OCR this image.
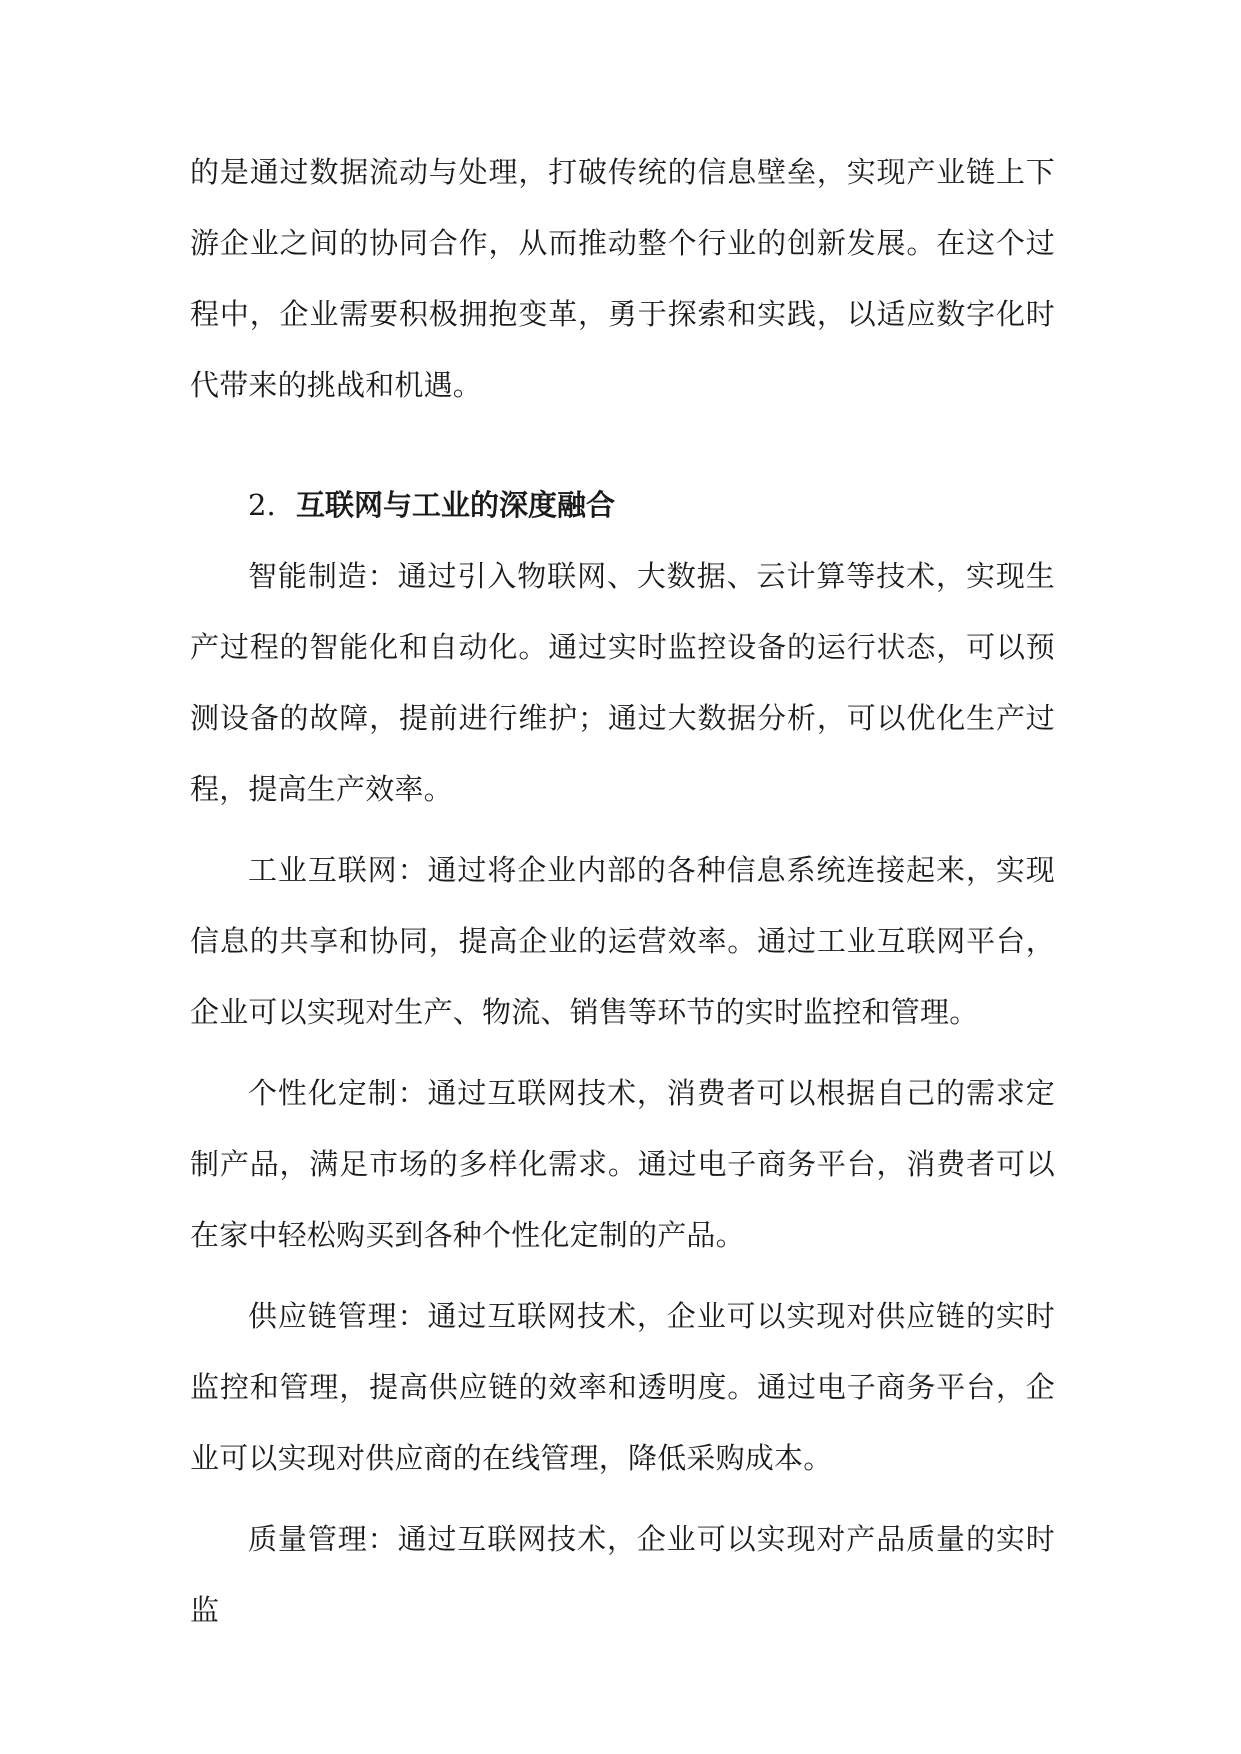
的是通过数据流动与处理，打破传统的信息壁垒，实现产业链上下游企业之间的协同合作，从而推动整个行业的创新发展。在这个过程中，企业需要积极拥抱变革，勇于探索和实践，以适应数字化时代带来的挑战和机遇。

2. 互联网与工业的深度融合

智能制造：通过引入物联网、大数据、云计算等技术，实现生产过程的智能化和自动化。通过实时监控设备的运行状态，可以预测设备的故障，提前进行维护；通过大数据分析，可以优化生产过程，提高生产效率。

工业互联网：通过将企业内部的各种信息系统连接起来，实现信息的共享和协同，提高企业的运营效率。通过工业互联网平台，企业可以实现对生产、物流、销售等环节的实时监控和管理。

个性化定制：通过互联网技术，消费者可以根据自己的需求定制产品，满足市场的多样化需求。通过电子商务平台，消费者可以在家中轻松购买到各种个性化定制的产品。

供应链管理：通过互联网技术，企业可以实现对供应链的实时监控和管理，提高供应链的效率和透明度。通过电子商务平台，企业可以实现对供应商的在线管理，降低采购成本。

质量管理：通过互联网技术，企业可以实现对产品质量的实时监
